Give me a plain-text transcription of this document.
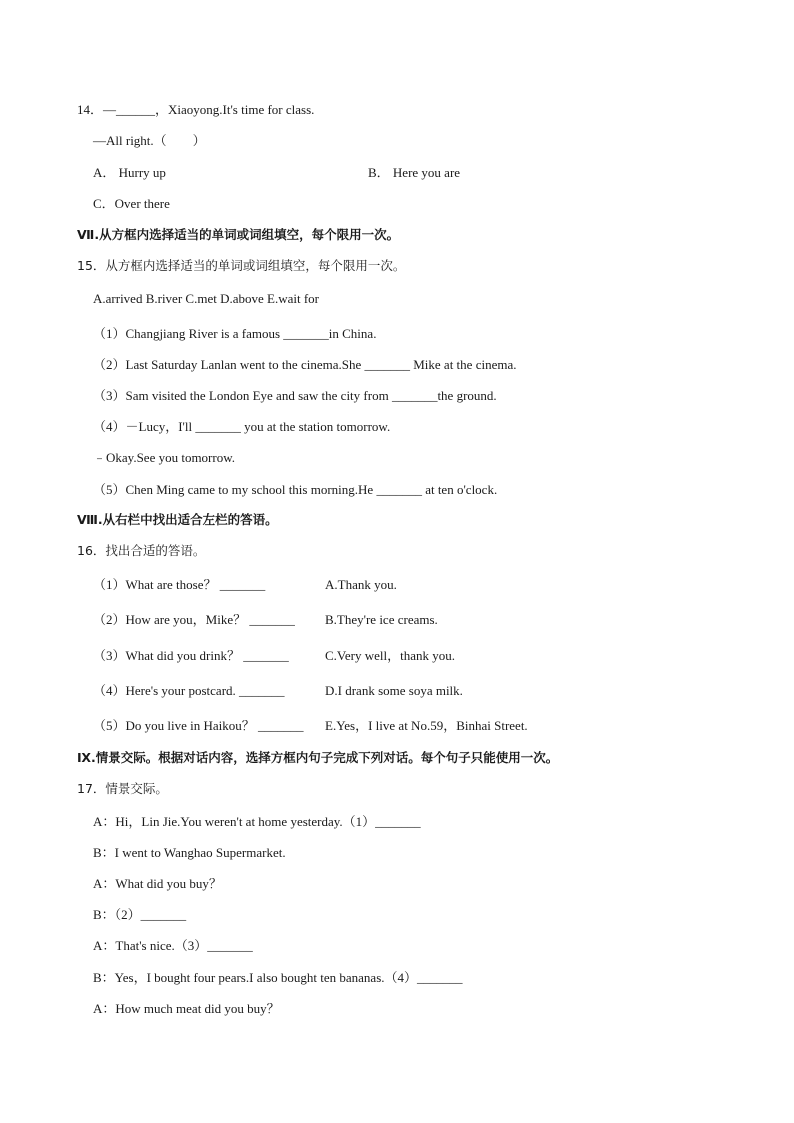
14．—______，Xiaoyong.It's time for class.
—All right.（　　）
A． Hurry up	B． Here you are
C．Over there
Ⅶ.从方框内选择适当的单词或词组填空，每个限用一次。
15．从方框内选择适当的单词或词组填空，每个限用一次。
A.arrived B.river C.met D.above E.wait for
（1）Changjiang River is a famous _______in China.
（2）Last Saturday Lanlan went to the cinema.She _______ Mike at the cinema.
（3）Sam visited the London Eye and saw the city from _______the ground.
（4）－Lucy，I'll _______ you at the station tomorrow.
﹣Okay.See you tomorrow.
（5）Chen Ming came to my school this morning.He _______ at ten o'clock.
Ⅷ.从右栏中找出适合左栏的答语。
16．找出合适的答语。
（1）What are those？ _______	A.Thank you.
（2）How are you，Mike？ _______ B.They're ice creams.
（3）What did you drink？ _______	C.Very well，thank you.
（4）Here's your postcard. _______	D.I drank some soya milk.
（5）Do you live in Haikou？ _______ E.Yes，I live at No.59，Binhai Street.
Ⅸ.情景交际。根据对话内容，选择方框内句子完成下列对话。每个句子只能使用一次。
17．情景交际。
A：Hi，Lin Jie.You weren't at home yesterday.（1）_______
B：I went to Wanghao Supermarket.
A：What did you buy？
B：（2）_______
A：That's nice.（3）_______
B：Yes，I bought four pears.I also bought ten bananas.（4）_______
A：How much meat did you buy？
